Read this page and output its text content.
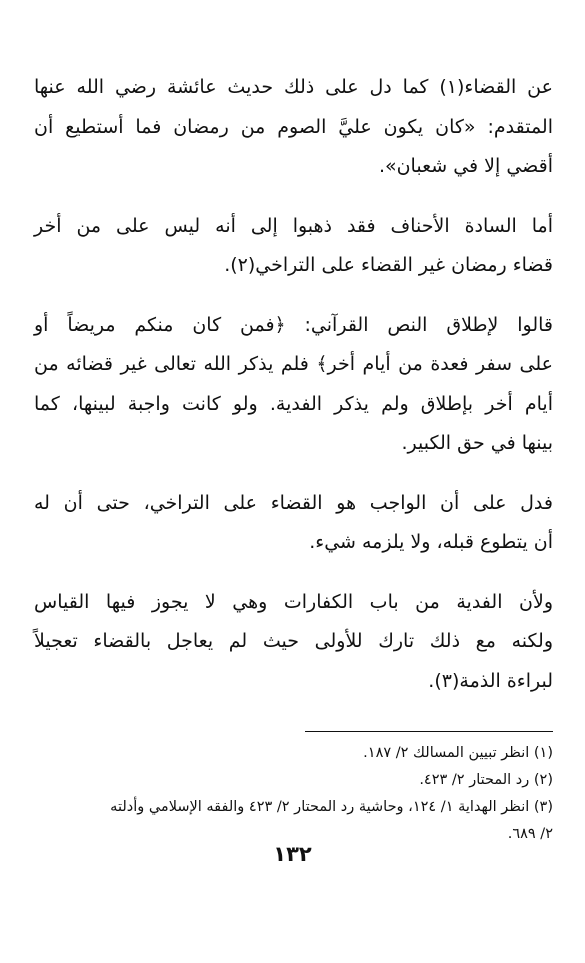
عن القضاء(١) كما دل على ذلك حديث عائشة رضي الله عنها
المتقدم: «كان يكون عليَّ الصوم من رمضان فما أستطيع أن
أقضي إلا في شعبان».

أما السادة الأحناف فقد ذهبوا إلى أنه ليس على من أخر
قضاء رمضان غير القضاء على التراخي(٢).

قالوا لإطلاق النص القرآني: ﴿فمن كان منكم مريضاً أو
على سفر فعدة من أيام أخر﴾ فلم يذكر الله تعالى غير قضائه من
أيام أخر بإطلاق ولم يذكر الفدية. ولو كانت واجبة لبينها، كما
بينها في حق الكبير.

فدل على أن الواجب هو القضاء على التراخي، حتى أن له
أن يتطوع قبله، ولا يلزمه شيء.

ولأن الفدية من باب الكفارات وهي لا يجوز فيها القياس
ولكنه مع ذلك تارك للأولى حيث لم يعاجل بالقضاء تعجيلاً
لبراءة الذمة(٣).

(١) انظر تبيين المسالك ٢/ ١٨٧.
(٢) رد المحتار ٢/ ٤٢٣.
(٣) انظر الهداية ١/ ١٢٤، وحاشية رد المحتار ٢/ ٤٢٣ والفقه الإسلامي وأدلته
٢/ ٦٨٩.
١٣٢
